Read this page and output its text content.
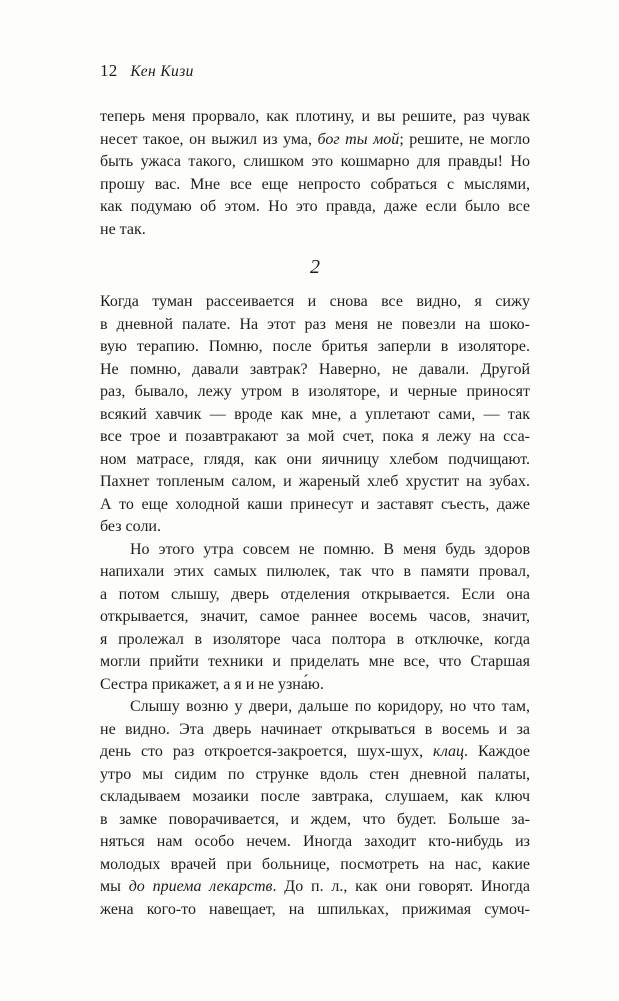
12 Кен Кизи
теперь меня прорвало, как плотину, и вы решите, раз чувак
несет такое, он выжил из ума, бог ты мой; решите, не могло
быть ужаса такого, слишком это кошмарно для правды! Но
прошу вас. Мне все еще непросто собраться с мыслями,
как подумаю об этом. Но это правда, даже если было все
не так.
2
Когда туман рассеивается и снова все видно, я сижу
в дневной палате. На этот раз меня не повезли на шоко-
вую терапию. Помню, после бритья заперли в изоляторе.
Не помню, давали завтрак? Наверно, не давали. Другой
раз, бывало, лежу утром в изоляторе, и черные приносят
всякий хавчик — вроде как мне, а уплетают сами, — так
все трое и позавтракают за мой счет, пока я лежу на сса-
ном матрасе, глядя, как они яичницу хлебом подчищают.
Пахнет топленым салом, и жареный хлеб хрустит на зубах.
А то еще холодной каши принесут и заставят съесть, даже
без соли.
Но этого утра совсем не помню. В меня будь здоров
напихали этих самых пилюлек, так что в памяти провал,
а потом слышу, дверь отделения открывается. Если она
открывается, значит, самое раннее восемь часов, значит,
я пролежал в изоляторе часа полтора в отключке, когда
могли прийти техники и приделать мне все, что Старшая
Сестра прикажет, а я и не узна́ю.
Слышу возню у двери, дальше по коридору, но что там,
не видно. Эта дверь начинает открываться в восемь и за
день сто раз откроется-закроется, шух-шух, клац. Каждое
утро мы сидим по струнке вдоль стен дневной палаты,
складываем мозаики после завтрака, слушаем, как ключ
в замке поворачивается, и ждем, что будет. Больше за-
няться нам особо нечем. Иногда заходит кто-нибудь из
молодых врачей при больнице, посмотреть на нас, какие
мы до приема лекарств. До п. л., как они говорят. Иногда
жена кого-то навещает, на шпильках, прижимая сумоч-
